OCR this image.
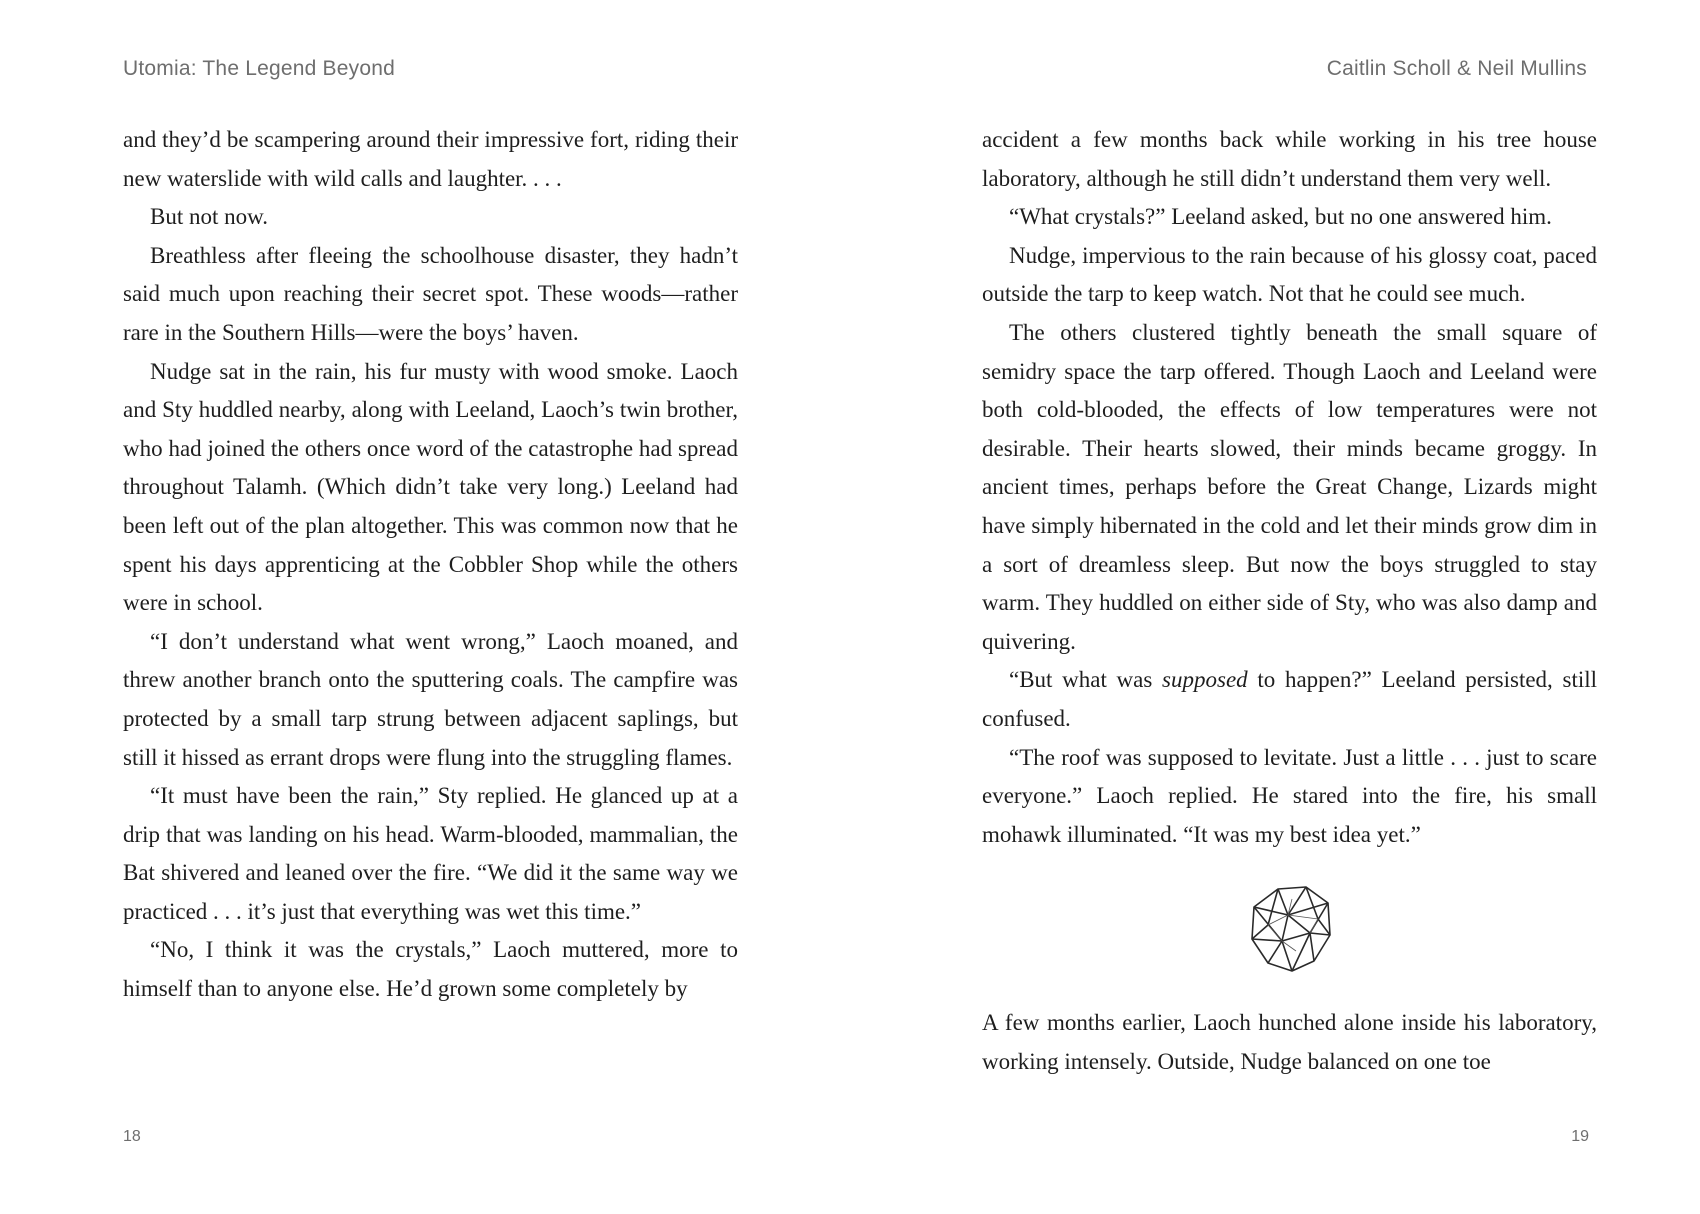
Utomia: The Legend Beyond

and they’d be scampering around their impressive fort, riding their new waterslide with wild calls and laughter. . . .

But not now.

Breathless after fleeing the schoolhouse disaster, they hadn’t said much upon reaching their secret spot. These woods—rather rare in the Southern Hills—were the boys’ haven.

Nudge sat in the rain, his fur musty with wood smoke. Laoch and Sty huddled nearby, along with Leeland, Laoch’s twin brother, who had joined the others once word of the catastrophe had spread throughout Talamh. (Which didn’t take very long.) Leeland had been left out of the plan altogether. This was common now that he spent his days apprenticing at the Cobbler Shop while the others were in school.

“I don’t understand what went wrong,” Laoch moaned, and threw another branch onto the sputtering coals. The campfire was protected by a small tarp strung between adjacent saplings, but still it hissed as errant drops were flung into the struggling flames.

“It must have been the rain,” Sty replied. He glanced up at a drip that was landing on his head. Warm-blooded, mammalian, the Bat shivered and leaned over the fire. “We did it the same way we practiced . . . it’s just that everything was wet this time.”

“No, I think it was the crystals,” Laoch muttered, more to himself than to anyone else. He’d grown some completely by

18
Caitlin Scholl & Neil Mullins

accident a few months back while working in his tree house laboratory, although he still didn’t understand them very well.

“What crystals?” Leeland asked, but no one answered him.

Nudge, impervious to the rain because of his glossy coat, paced outside the tarp to keep watch. Not that he could see much.

The others clustered tightly beneath the small square of semidry space the tarp offered. Though Laoch and Leeland were both cold-blooded, the effects of low temperatures were not desirable. Their hearts slowed, their minds became groggy. In ancient times, perhaps before the Great Change, Lizards might have simply hibernated in the cold and let their minds grow dim in a sort of dreamless sleep. But now the boys struggled to stay warm. They huddled on either side of Sty, who was also damp and quivering.

“But what was supposed to happen?” Leeland persisted, still confused.

“The roof was supposed to levitate. Just a little . . . just to scare everyone.” Laoch replied. He stared into the fire, his small mohawk illuminated. “It was my best idea yet.”

A few months earlier, Laoch hunched alone inside his laboratory, working intensely. Outside, Nudge balanced on one toe

19
